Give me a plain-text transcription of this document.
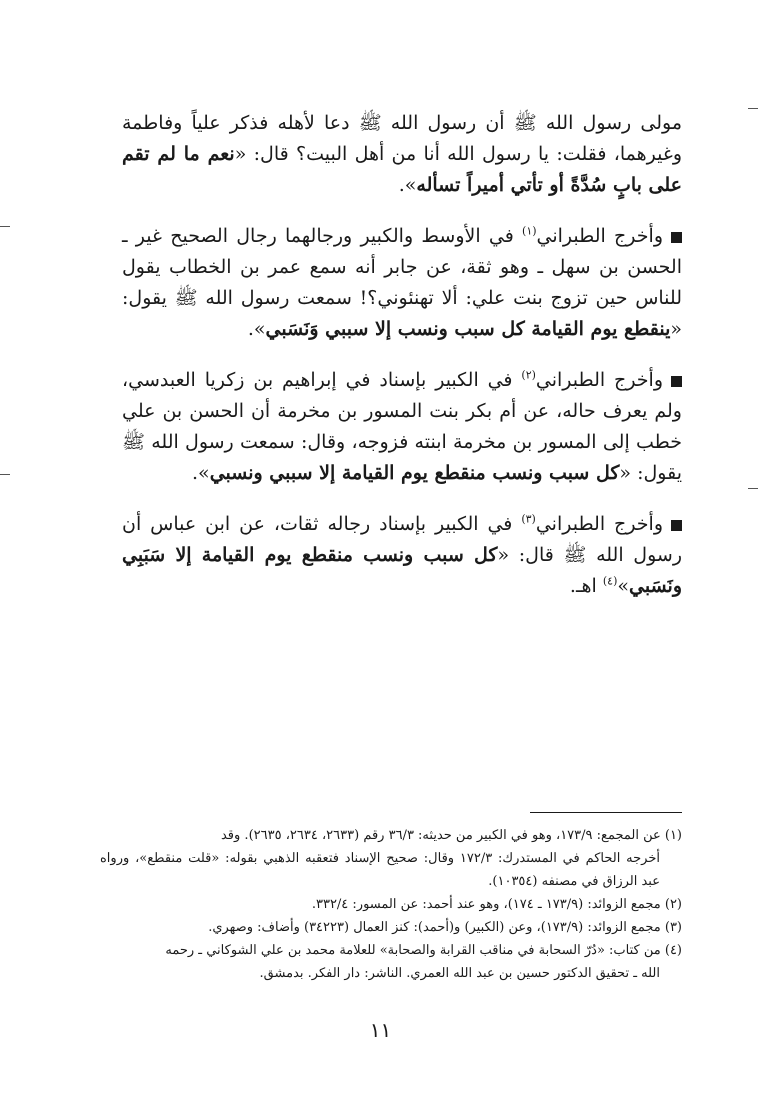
مولى رسول الله ﷺ أن رسول الله ﷺ دعا لأهله فذكر علياً وفاطمة وغيرهما، فقلت: يا رسول الله أنا من أهل البيت؟ قال: «نعم ما لم تقم على بابٍ سُدَّةً أو تأتي أميراً تسأله».

وأخرج الطبراني$^{(١)}$ في الأوسط والكبير ورجالهما رجال الصحيح غير ـ الحسن بن سهل ـ وهو ثقة، عن جابر أنه سمع عمر بن الخطاب يقول للناس حين تزوج بنت علي: ألا تهنئوني؟! سمعت رسول الله ﷺ يقول: «ينقطع يوم القيامة كل سبب ونسب إلا سببي وَنَسَبي».

وأخرج الطبراني$^{(٢)}$ في الكبير بإسناد في إبراهيم بن زكريا العبدسي، ولم يعرف حاله، عن أم بكر بنت المسور بن مخرمة أن الحسن بن علي خطب إلى المسور بن مخرمة ابنته فزوجه، وقال: سمعت رسول الله ﷺ يقول: «كل سبب ونسب منقطع يوم القيامة إلا سببي ونسبي».

وأخرج الطبراني$^{(٣)}$ في الكبير بإسناد رجاله ثقات، عن ابن عباس أن رسول الله ﷺ قال: «كل سبب ونسب منقطع يوم القيامة إلا سَبَبِي ونَسَبي»$^{(٤)}$ اهـ.

(١) عن المجمع: ١٧٣/٩، وهو في الكبير من حديثه: ٣٦/٣ رقم (٢٦٣٣، ٢٦٣٤، ٢٦٣٥). وقد

أخرجه الحاكم في المستدرك: ١٧٢/٣ وقال: صحيح الإسناد فتعقبه الذهبي بقوله: «قلت منقطع»، ورواه عبد الرزاق في مصنفه (١٠٣٥٤).

(٢) مجمع الزوائد: (١٧٣/٩ ـ ١٧٤)، وهو عند أحمد: عن المسور: ٣٣٢/٤.

(٣) مجمع الزوائد: (١٧٣/٩)، وعن (الكبير) و(أحمد): كنز العمال (٣٤٢٢٣) وأضاف: وصهري.

(٤) من كتاب: «دُرّ السحابة في مناقب القرابة والصحابة» للعلامة محمد بن علي الشوكاني ـ رحمه

الله ـ تحقيق الدكتور حسين بن عبد الله العمري. الناشر: دار الفكر. بدمشق.

١١
